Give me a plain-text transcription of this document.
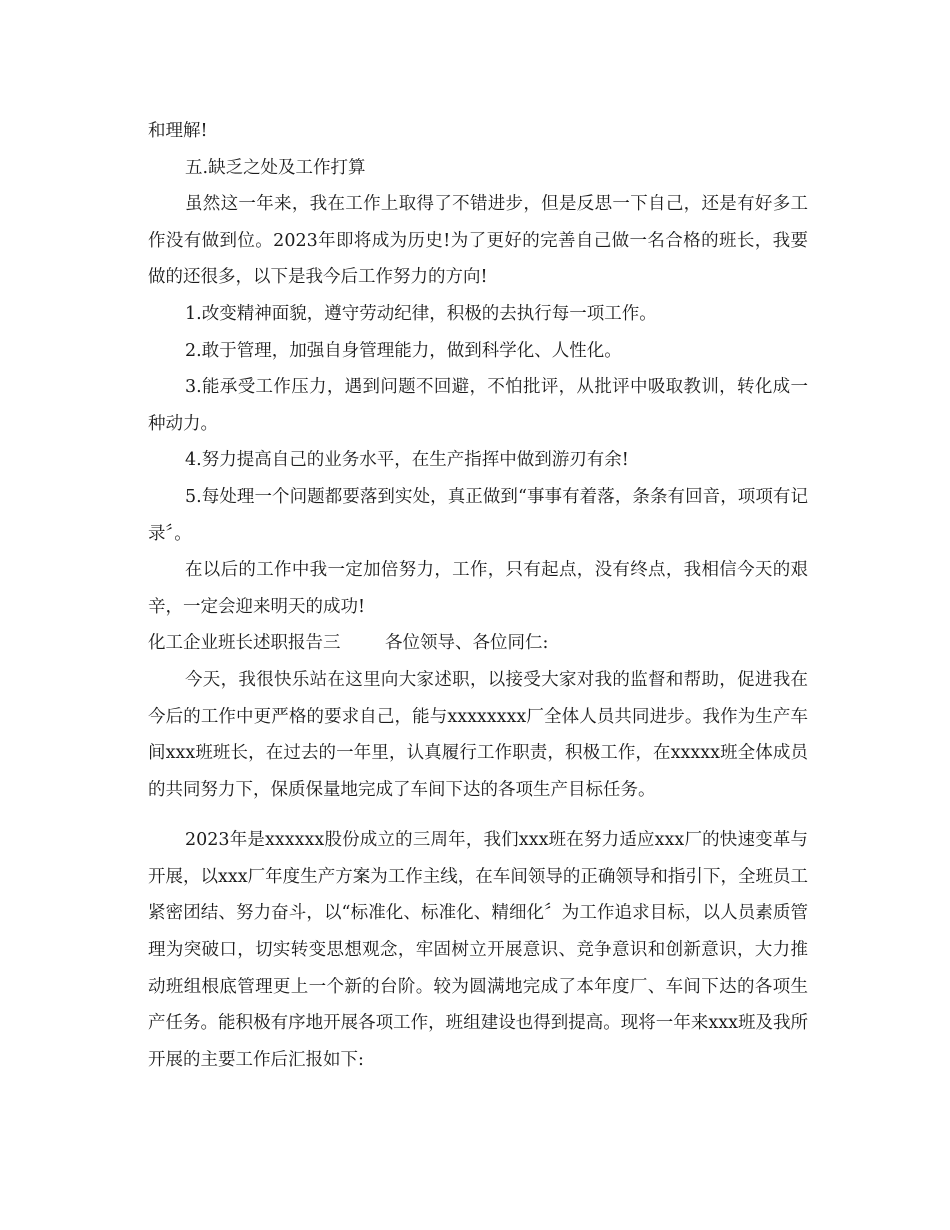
和理解!

五.缺乏之处及工作打算

虽然这一年来，我在工作上取得了不错进步，但是反思一下自己，还是有好多工作没有做到位。2023年即将成为历史!为了更好的完善自己做一名合格的班长，我要做的还很多，以下是我今后工作努力的方向!

1.改变精神面貌，遵守劳动纪律，积极的去执行每一项工作。

2.敢于管理，加强自身管理能力，做到科学化、人性化。

3.能承受工作压力，遇到问题不回避，不怕批评，从批评中吸取教训，转化成一种动力。

4.努力提高自己的业务水平，在生产指挥中做到游刃有余!

5.每处理一个问题都要落到实处，真正做到“事事有着落，条条有回音，项项有记录〞。

在以后的工作中我一定加倍努力，工作，只有起点，没有终点，我相信今天的艰辛，一定会迎来明天的成功!

化工企业班长述职报告三        各位领导、各位同仁:

今天，我很快乐站在这里向大家述职，以接受大家对我的监督和帮助，促进我在今后的工作中更严格的要求自己，能与xxxxxxxx厂全体人员共同进步。我作为生产车间xxx班班长，在过去的一年里，认真履行工作职责，积极工作，在xxxxx班全体成员的共同努力下，保质保量地完成了车间下达的各项生产目标任务。

2023年是xxxxxx股份成立的三周年，我们xxx班在努力适应xxx厂的快速变革与开展，以xxx厂年度生产方案为工作主线，在车间领导的正确领导和指引下，全班员工紧密团结、努力奋斗，以“标准化、标准化、精细化〞为工作追求目标，以人员素质管理为突破口，切实转变思想观念，牢固树立开展意识、竞争意识和创新意识，大力推动班组根底管理更上一个新的台阶。较为圆满地完成了本年度厂、车间下达的各项生产任务。能积极有序地开展各项工作，班组建设也得到提高。现将一年来xxx班及我所开展的主要工作后汇报如下:
